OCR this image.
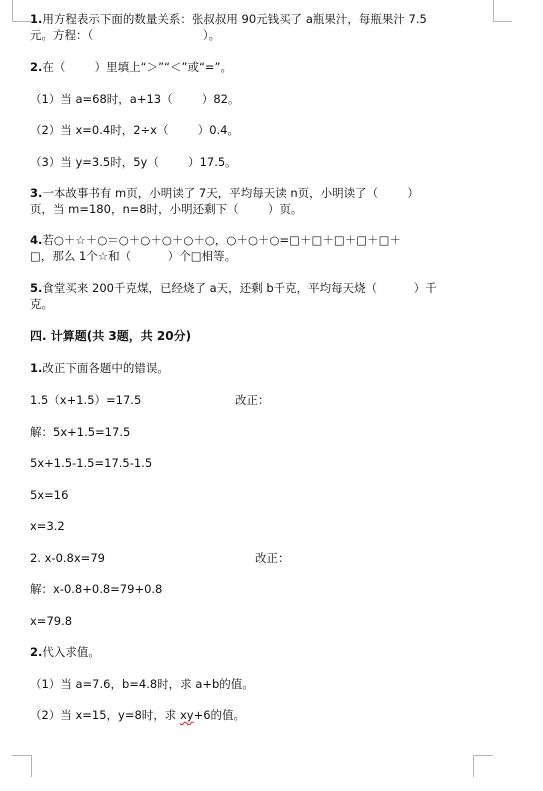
1.用方程表示下面的数量关系：张叔叔用 90元钱买了 a瓶果汁，每瓶果汁 7.5
元。方程：（                              ）。
2.在（        ）里填上“＞”“＜”或“=”。
（1）当 a=68时，a+13（        ）82。
（2）当 x=0.4时，2÷x（        ）0.4。
（3）当 y=3.5时，5y（        ）17.5。
3.一本故事书有 m页，小明读了 7天，平均每天读 n页，小明读了（        ）
页，当 m=180，n=8时，小明还剩下（        ）页。
4.若○＋☆＋○＝○＋○＋○＋○＋○，○＋○＋○=□＋□＋□＋□＋□＋
□，那么 1个☆和（          ）个□相等。
5.食堂买来 200千克煤，已经烧了 a天，还剩 b千克，平均每天烧（          ）千
克。
四. 计算题(共 3题，共 20分)
1.改正下面各题中的错误。
1.5（x+1.5）=17.5	改正：
解：5x+1.5=17.5
5x+1.5-1.5=17.5-1.5
5x=16
x=3.2
2. x-0.8x=79	改正：
解：x-0.8+0.8=79+0.8
x=79.8
2.代入求值。
（1）当 a=7.6，b=4.8时，求 a+b的值。
（2）当 x=15，y=8时，求 xy+6的值。
